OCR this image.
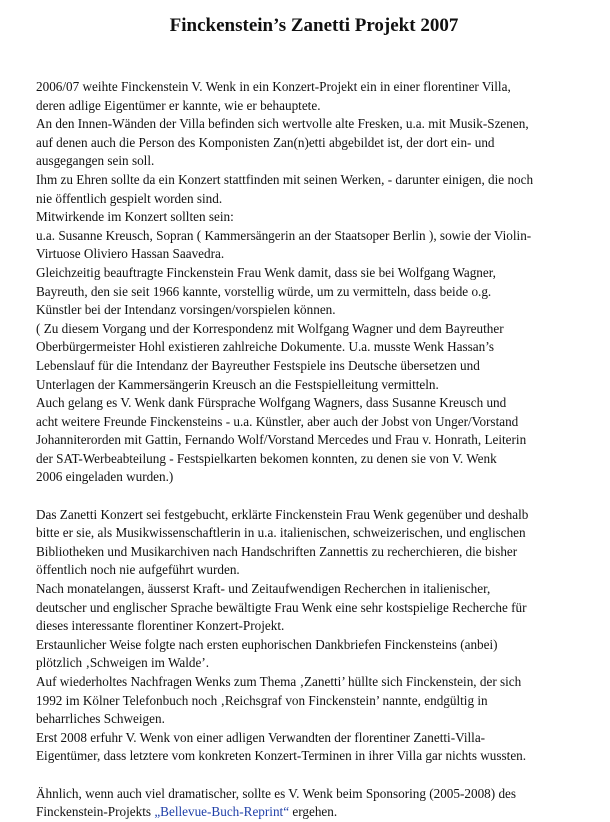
Finckenstein’s Zanetti Projekt 2007
2006/07 weihte Finckenstein V. Wenk in ein Konzert-Projekt ein in einer florentiner Villa,
deren adlige Eigentümer er kannte, wie er behauptete.
An den Innen-Wänden der Villa befinden sich wertvolle alte Fresken, u.a. mit Musik-Szenen,
auf denen auch die Person des Komponisten Zan(n)etti abgebildet ist, der dort ein- und
ausgegangen sein soll.
Ihm zu Ehren sollte da ein Konzert stattfinden mit seinen Werken, - darunter einigen, die noch
nie öffentlich gespielt worden sind.
Mitwirkende im Konzert sollten sein:
u.a. Susanne Kreusch, Sopran ( Kammersängerin an der Staatsoper Berlin ), sowie der Violin-
Virtuose Oliviero Hassan Saavedra.
Gleichzeitig beauftragte Finckenstein Frau Wenk damit, dass sie bei Wolfgang Wagner,
Bayreuth, den sie seit 1966 kannte, vorstellig würde, um zu vermitteln, dass beide o.g.
Künstler bei der Intendanz vorsingen/vorspielen können.
( Zu diesem Vorgang und der Korrespondenz mit Wolfgang Wagner und dem Bayreuther
Oberbürgermeister Hohl existieren zahlreiche Dokumente. U.a. musste Wenk Hassan’s
Lebenslauf für die Intendanz der Bayreuther Festspiele ins Deutsche übersetzen und
Unterlagen der Kammersängerin Kreusch an die Festspielleitung vermitteln.
Auch gelang es V. Wenk dank Fürsprache Wolfgang Wagners, dass Susanne Kreusch und
acht weitere Freunde Finckensteins - u.a. Künstler, aber auch der Jobst von Unger/Vorstand
Johanniterorden mit Gattin, Fernando Wolf/Vorstand Mercedes und Frau v. Honrath, Leiterin
der SAT-Werbeabteilung - Festspielkarten bekomen konnten, zu denen sie von V. Wenk
2006 eingeladen wurden.)
Das Zanetti Konzert sei festgebucht, erklärte Finckenstein Frau Wenk gegenüber und deshalb
bitte er sie, als Musikwissenschaftlerin in u.a. italienischen, schweizerischen, und englischen
Bibliotheken und Musikarchiven nach Handschriften Zannettis zu recherchieren, die bisher
öffentlich noch nie aufgeführt wurden.
Nach monatelangen, äusserst Kraft- und Zeitaufwendigen Recherchen in italienischer,
deutscher und englischer Sprache bewältigte Frau Wenk eine sehr kostspielige Recherche für
dieses interessante florentiner Konzert-Projekt.
Erstaunlicher Weise folgte nach ersten euphorischen Dankbriefen Finckensteins (anbei)
plötzlich ‚Schweigen im Walde’.
Auf wiederholtes Nachfragen Wenks zum Thema ‚Zanetti’ hüllte sich Finckenstein, der sich
1992 im Kölner Telefonbuch noch ‚Reichsgraf von Finckenstein’ nannte, endgültig in
beharrliches Schweigen.
Erst 2008 erfuhr V. Wenk von einer adligen Verwandten der florentiner Zanetti-Villa-
Eigentümer, dass letztere vom konkreten Konzert-Terminen in ihrer Villa gar nichts wussten.
Ähnlich, wenn auch viel dramatischer, sollte es V. Wenk beim Sponsoring (2005-2008) des
Finckenstein-Projekts „Bellevue-Buch-Reprint“ ergehen.
